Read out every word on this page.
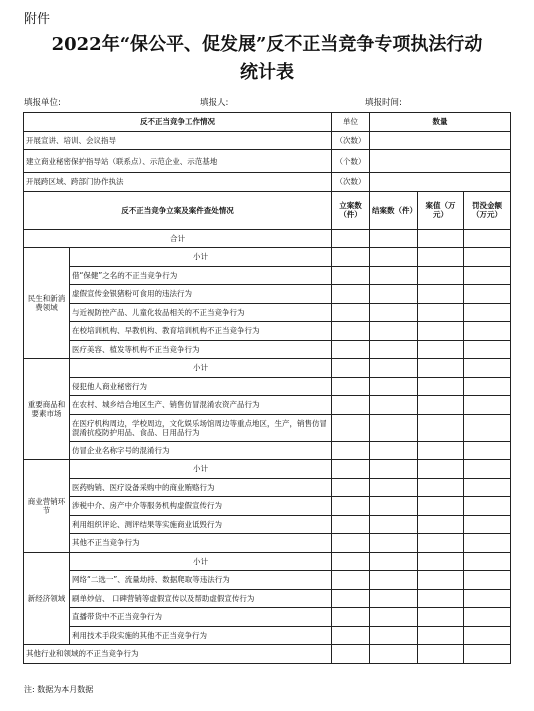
附件
2022年“保公平、促发展”反不正当竞争专项执法行动
统计表
填报单位:	填报人:	填报时间:
反不正当竞争工作情况		单位	数量		
开展宣讲、培训、会议指导		（次数）			
建立商业秘密保护指导站（联系点）、示范企业、示范基地		（个数）			
开展跨区域、跨部门协作执法		（次数）			
反不正当竞争立案及案件查处情况		立案数（件）	结案数（件）	案值（万元）	罚没金额（万元）
合计					
民生和新消费领域	小计				
	借“保健”之名的不正当竞争行为				
	虚假宣传金银猪粉可食用的违法行为				
	与近视防控产品、儿童化妆品相关的不正当竞争行为				
	在校培训机构、早教机构、教育培训机构不正当竞争行为				
	医疗美容、植发等机构不正当竞争行为				
重要商品和要素市场	小计				
	侵犯他人商业秘密行为				
	在农村、城乡结合地区生产、销售仿冒混淆农资产品行为				
	在医疗机构周边，学校周边，文化娱乐场馆周边等重点地区，生产，销售仿冒混淆抗疫防护用品、食品、日用品行为				
	仿冒企业名称字号的混淆行为				
商业营销环节	小计				
	医药购销、医疗设备采购中的商业贿赂行为				
	涉税中介、房产中介等服务机构虚假宣传行为				
	利用组织评论、测评结果等实施商业诋毁行为				
	其他不正当竞争行为				
新经济领域	小计				
	网络“二选一”、流量劫持、数据爬取等违法行为				
	刷单炒信、 口碑营销等虚假宣传以及帮助虚假宣传行为				
	直播带货中不正当竞争行为				
	利用技术手段实施的其他不正当竞争行为				
其他行业和领域的不正当竞争行为					
注: 数据为本月数据
